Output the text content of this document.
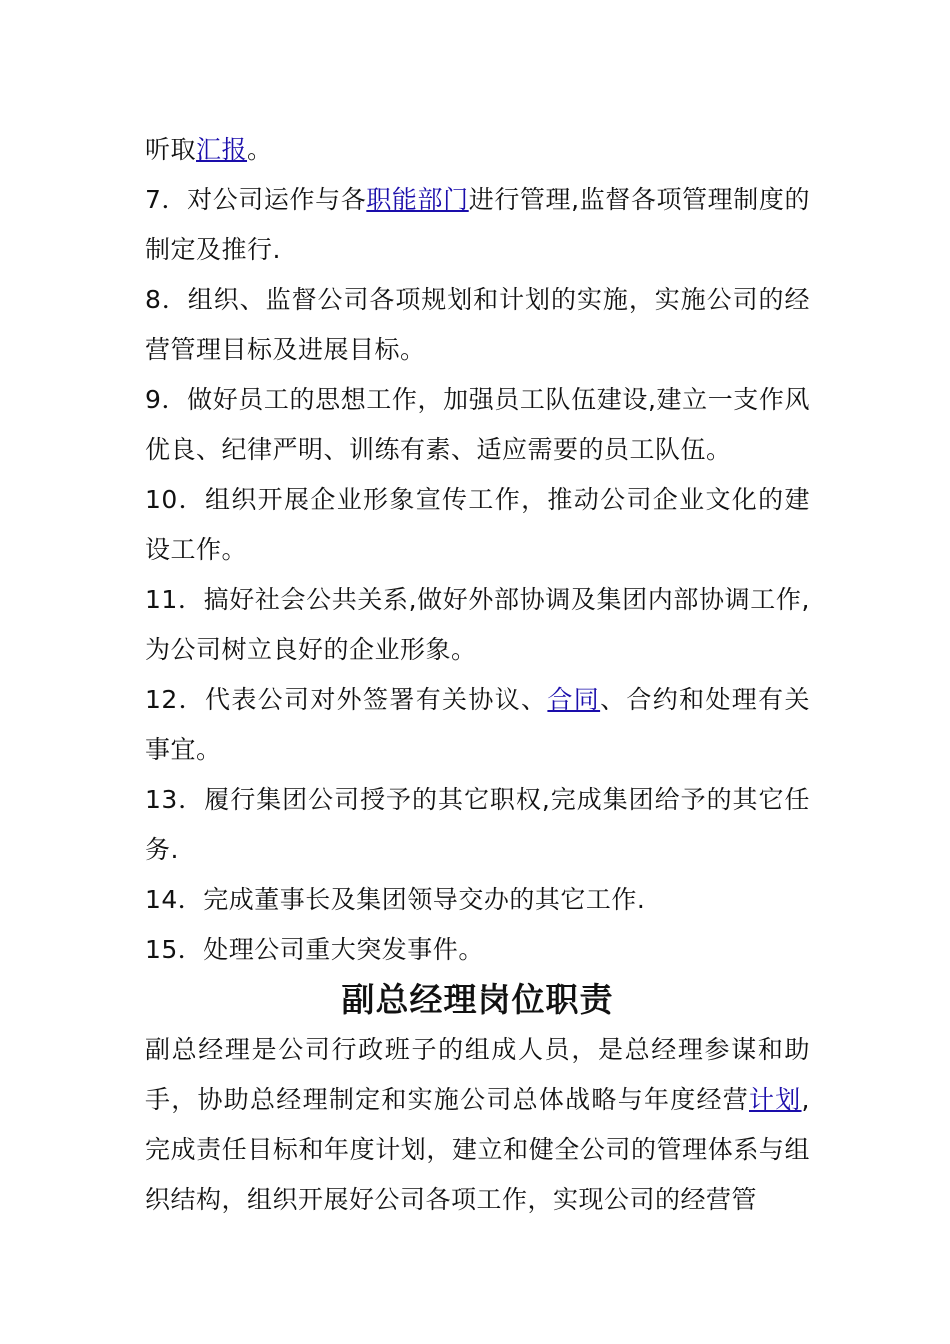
听取汇报。

7．对公司运作与各职能部门进行管理,监督各项管理制度的制定及推行.

8．组织、监督公司各项规划和计划的实施，实施公司的经营管理目标及进展目标。

9．做好员工的思想工作，加强员工队伍建设,建立一支作风优良、纪律严明、训练有素、适应需要的员工队伍。

10．组织开展企业形象宣传工作，推动公司企业文化的建设工作。

11．搞好社会公共关系,做好外部协调及集团内部协调工作,为公司树立良好的企业形象。

12．代表公司对外签署有关协议、合同、合约和处理有关事宜。

13．履行集团公司授予的其它职权,完成集团给予的其它任务.

14．完成董事长及集团领导交办的其它工作.

15．处理公司重大突发事件。

副总经理岗位职责

副总经理是公司行政班子的组成人员，是总经理参谋和助手，协助总经理制定和实施公司总体战略与年度经营计划,完成责任目标和年度计划，建立和健全公司的管理体系与组织结构，组织开展好公司各项工作，实现公司的经营管
